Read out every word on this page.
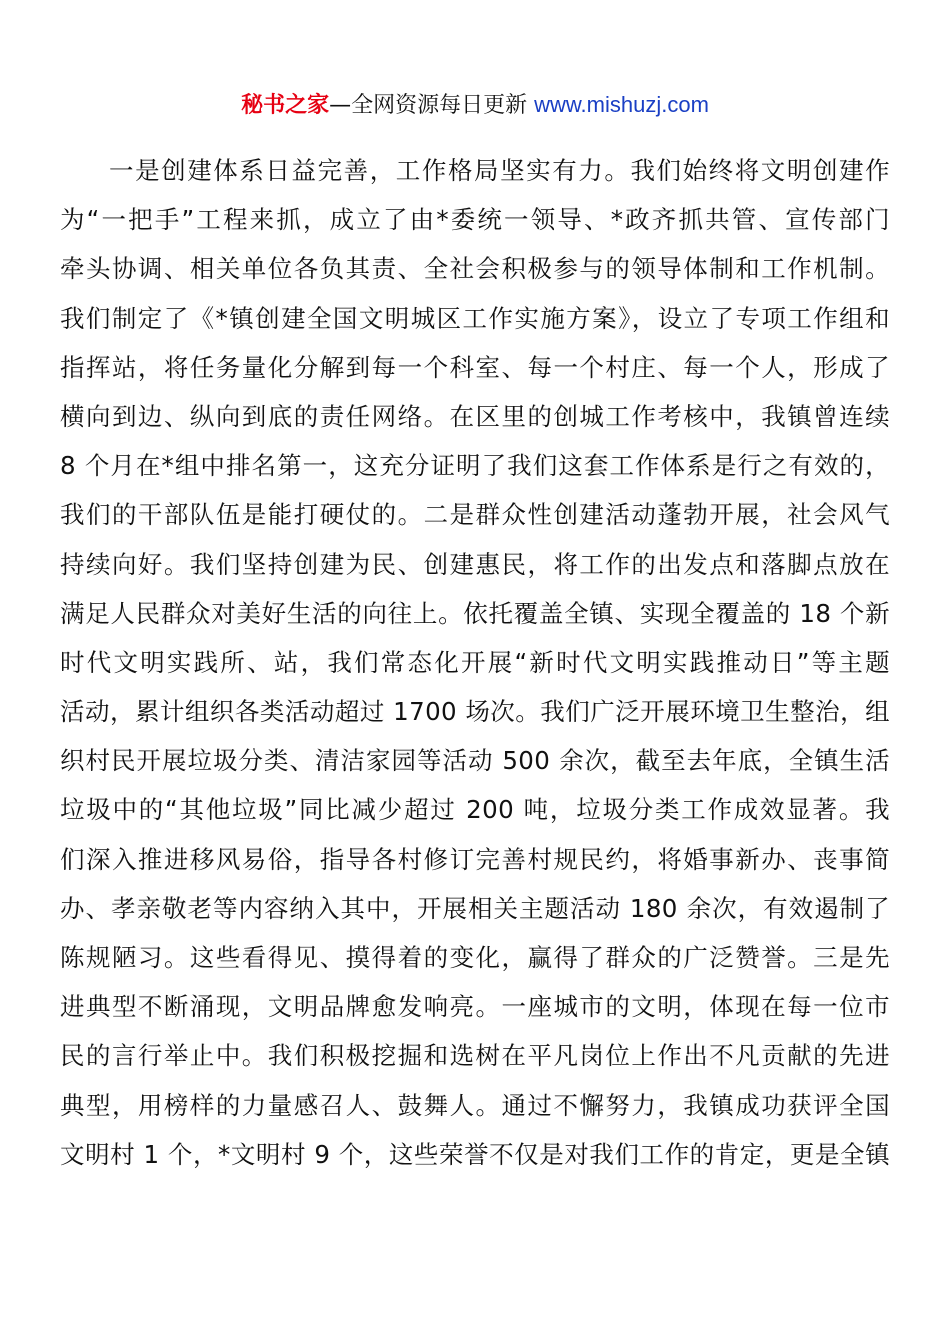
秘书之家—全网资源每日更新 www.mishuzj.com
一是创建体系日益完善，工作格局坚实有力。我们始终将文明创建作
为“一把手”工程来抓，成立了由*委统一领导、*政齐抓共管、宣传部门
牵头协调、相关单位各负其责、全社会积极参与的领导体制和工作机制。
我们制定了《*镇创建全国文明城区工作实施方案》，设立了专项工作组和
指挥站，将任务量化分解到每一个科室、每一个村庄、每一个人，形成了
横向到边、纵向到底的责任网络。在区里的创城工作考核中，我镇曾连续
8 个月在*组中排名第一，这充分证明了我们这套工作体系是行之有效的，
我们的干部队伍是能打硬仗的。二是群众性创建活动蓬勃开展，社会风气
持续向好。我们坚持创建为民、创建惠民，将工作的出发点和落脚点放在
满足人民群众对美好生活的向往上。依托覆盖全镇、实现全覆盖的 18 个新
时代文明实践所、站，我们常态化开展“新时代文明实践推动日”等主题
活动，累计组织各类活动超过 1700 场次。我们广泛开展环境卫生整治，组
织村民开展垃圾分类、清洁家园等活动 500 余次，截至去年底，全镇生活
垃圾中的“其他垃圾”同比减少超过 200 吨，垃圾分类工作成效显著。我
们深入推进移风易俗，指导各村修订完善村规民约，将婚事新办、丧事简
办、孝亲敬老等内容纳入其中，开展相关主题活动 180 余次，有效遏制了
陈规陋习。这些看得见、摸得着的变化，赢得了群众的广泛赞誉。三是先
进典型不断涌现，文明品牌愈发响亮。一座城市的文明，体现在每一位市
民的言行举止中。我们积极挖掘和选树在平凡岗位上作出不凡贡献的先进
典型，用榜样的力量感召人、鼓舞人。通过不懈努力，我镇成功获评全国
文明村 1 个，*文明村 9 个，这些荣誉不仅是对我们工作的肯定，更是全镇
